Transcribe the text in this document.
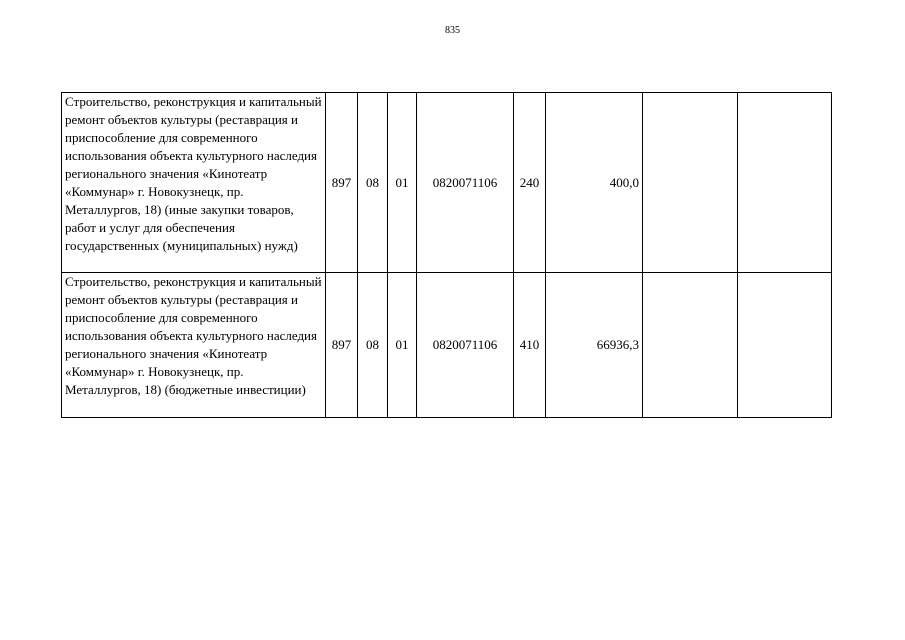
835
Строительство, реконструкция и капитальный ремонт объектов культуры (реставрация и приспособление для современного использования объекта культурного наследия регионального значения «Кинотеатр «Коммунар» г. Новокузнецк, пр. Металлургов, 18) (иные закупки товаров, работ и услуг для обеспечения государственных (муниципальных) нужд)	897	08	01	0820071106	240	400,0		
Строительство, реконструкция и капитальный ремонт объектов культуры (реставрация и приспособление для современного использования объекта культурного наследия регионального значения «Кинотеатр «Коммунар» г. Новокузнецк, пр. Металлургов, 18) (бюджетные инвестиции)	897	08	01	0820071106	410	66936,3		
